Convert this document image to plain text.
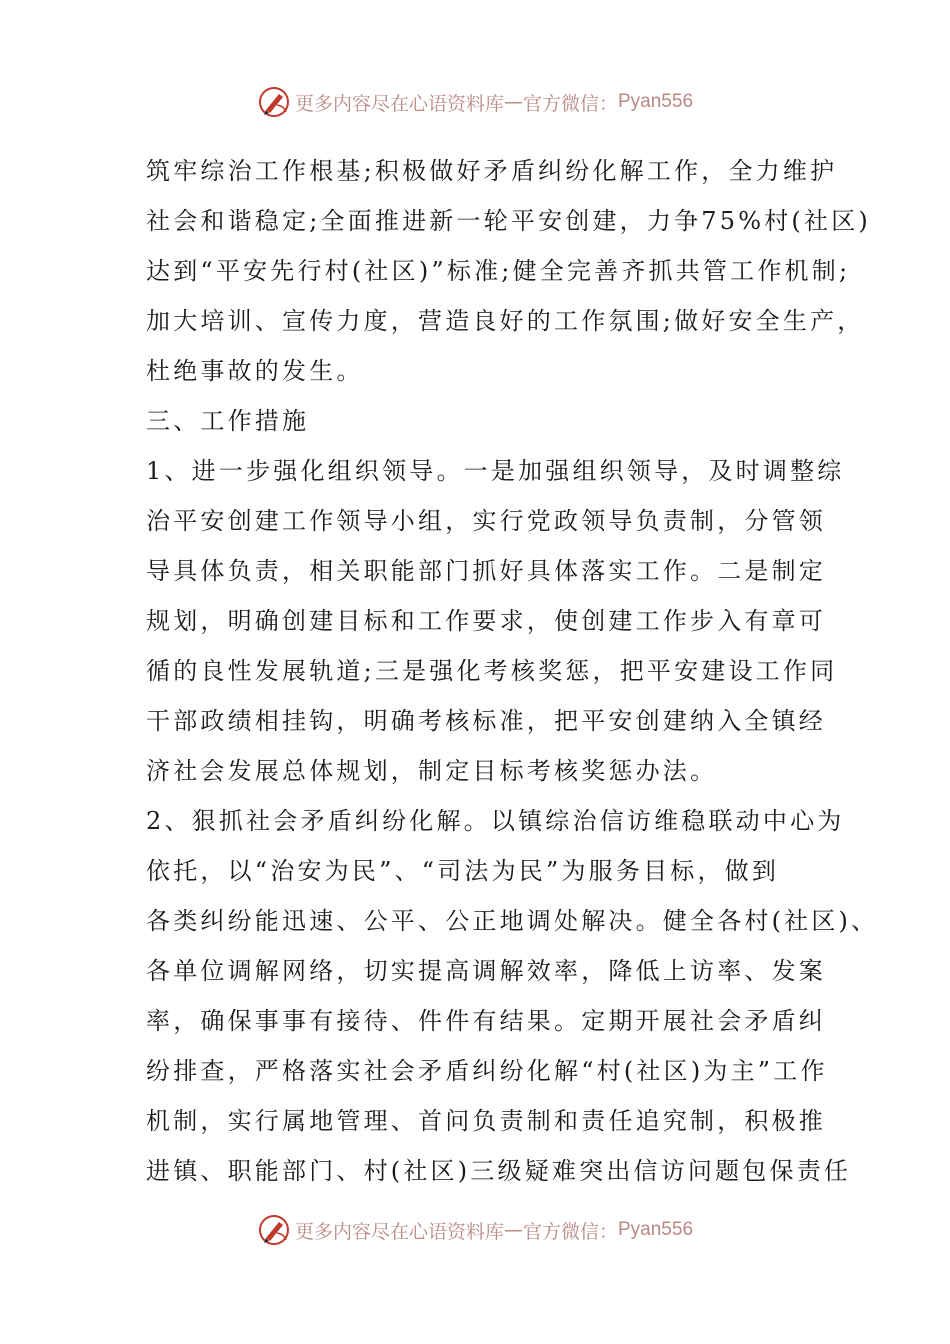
更多内容尽在心语资料库 — 官方微信： Pyan556
筑牢综治工作根基;积极做好矛盾纠纷化解工作，全力维护
社会和谐稳定;全面推进新一轮平安创建，力争75%村(社区)
达到“平安先行村(社区)”标准;健全完善齐抓共管工作机制;
加大培训、宣传力度，营造良好的工作氛围;做好安全生产，
杜绝事故的发生。
三、工作措施
1、进一步强化组织领导。一是加强组织领导，及时调整综
治平安创建工作领导小组，实行党政领导负责制，分管领
导具体负责，相关职能部门抓好具体落实工作。二是制定
规划，明确创建目标和工作要求，使创建工作步入有章可
循的良性发展轨道;三是强化考核奖惩，把平安建设工作同
干部政绩相挂钩，明确考核标准，把平安创建纳入全镇经
济社会发展总体规划，制定目标考核奖惩办法。
2、狠抓社会矛盾纠纷化解。以镇综治信访维稳联动中心为
依托，以“治安为民”、“司法为民”为服务目标，做到
各类纠纷能迅速、公平、公正地调处解决。健全各村(社区)、
各单位调解网络，切实提高调解效率，降低上访率、发案
率，确保事事有接待、件件有结果。定期开展社会矛盾纠
纷排查，严格落实社会矛盾纠纷化解“村(社区)为主”工作
机制，实行属地管理、首问负责制和责任追究制，积极推
进镇、职能部门、村(社区)三级疑难突出信访问题包保责任
更多内容尽在心语资料库 — 官方微信： Pyan556
